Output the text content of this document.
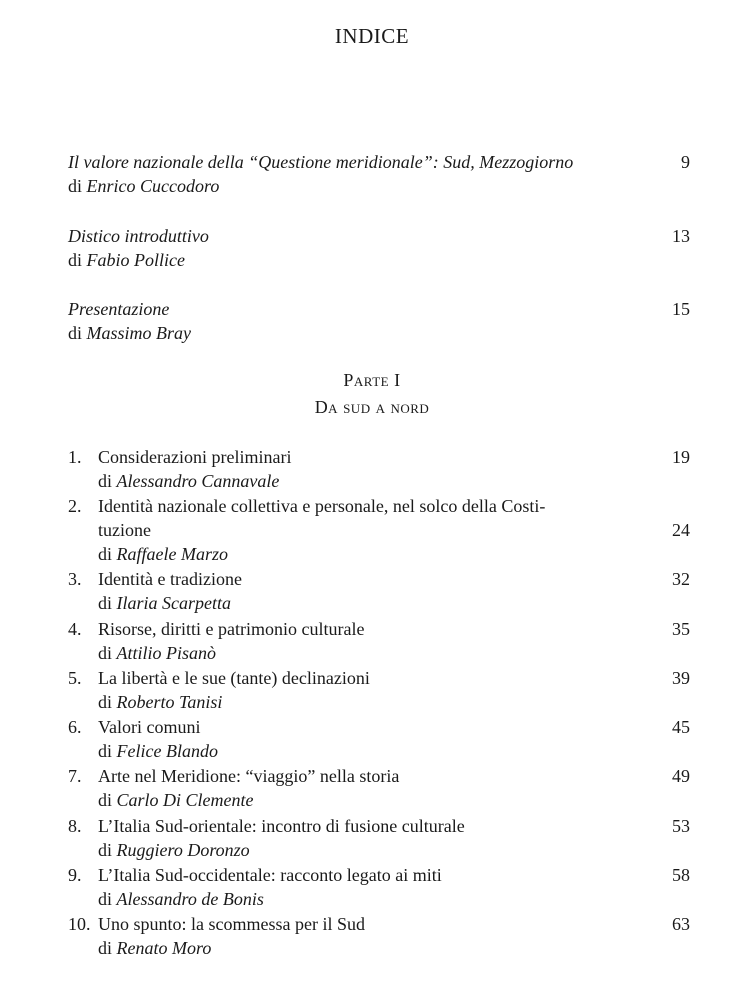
INDICE
Il valore nazionale della “Questione meridionale”: Sud, Mezzogiorno
di Enrico Cuccodoro
9
Distico introduttivo
di Fabio Pollice
13
Presentazione
di Massimo Bray
15
Parte I
Da sud a nord
1. Considerazioni preliminari
di Alessandro Cannavale
19
2. Identità nazionale collettiva e personale, nel solco della Costi-
tuzione
di Raffaele Marzo
24
3. Identità e tradizione
di Ilaria Scarpetta
32
4. Risorse, diritti e patrimonio culturale
di Attilio Pisanò
35
5. La libertà e le sue (tante) declinazioni
di Roberto Tanisi
39
6. Valori comuni
di Felice Blando
45
7. Arte nel Meridione: “viaggio” nella storia
di Carlo Di Clemente
49
8. L’Italia Sud-orientale: incontro di fusione culturale
di Ruggiero Doronzo
53
9. L’Italia Sud-occidentale: racconto legato ai miti
di Alessandro de Bonis
58
10. Uno spunto: la scommessa per il Sud
di Renato Moro
63
